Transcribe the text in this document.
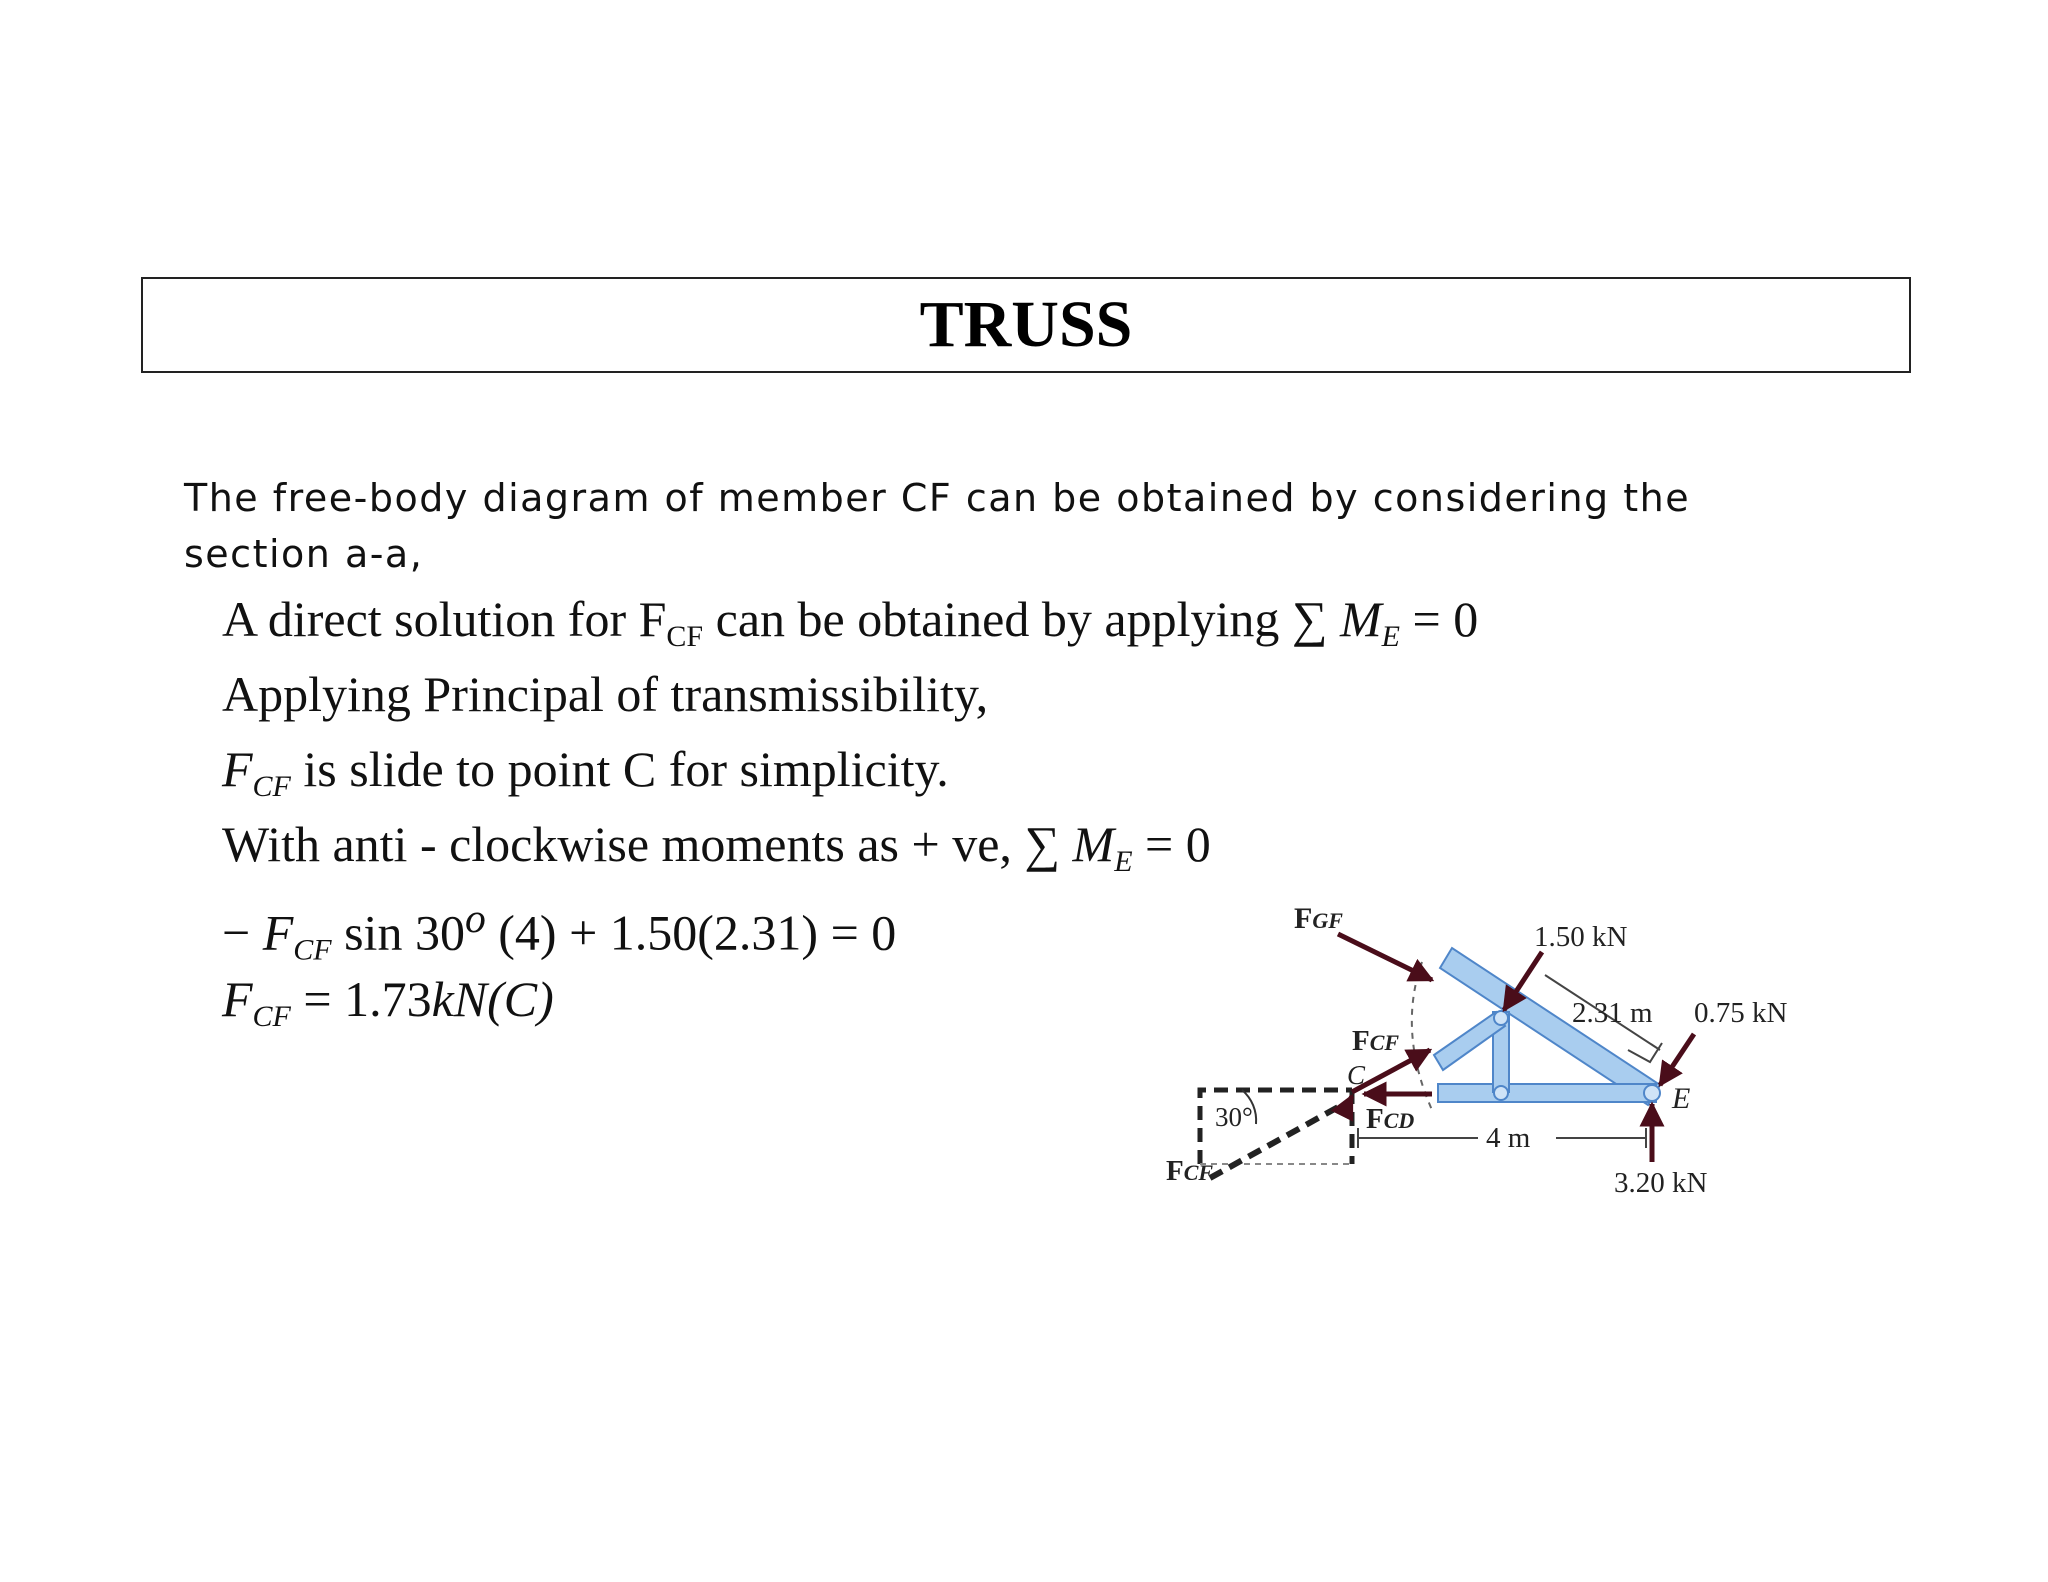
TRUSS
The free-body diagram of member CF can be obtained by considering the section a-a,
A direct solution for $F_{CF}$ can be obtained by applying ∑ $M_E = 0$
Applying Principal of transmissibility,
$F_{CF}$ is slide to point C for simplicity.
With anti - clockwise moments as + ve, ∑ $M_E = 0$
− $F_{CF}$ sin 30$^o$ (4) + 1.50(2.31) = 0
$F_{CF} = 1.73kN(C)$
FGF
1.50 kN
2.31 m 0.75 kN
FCF
C
FCD
E
30°
4 m
FCF	3.20 kN
